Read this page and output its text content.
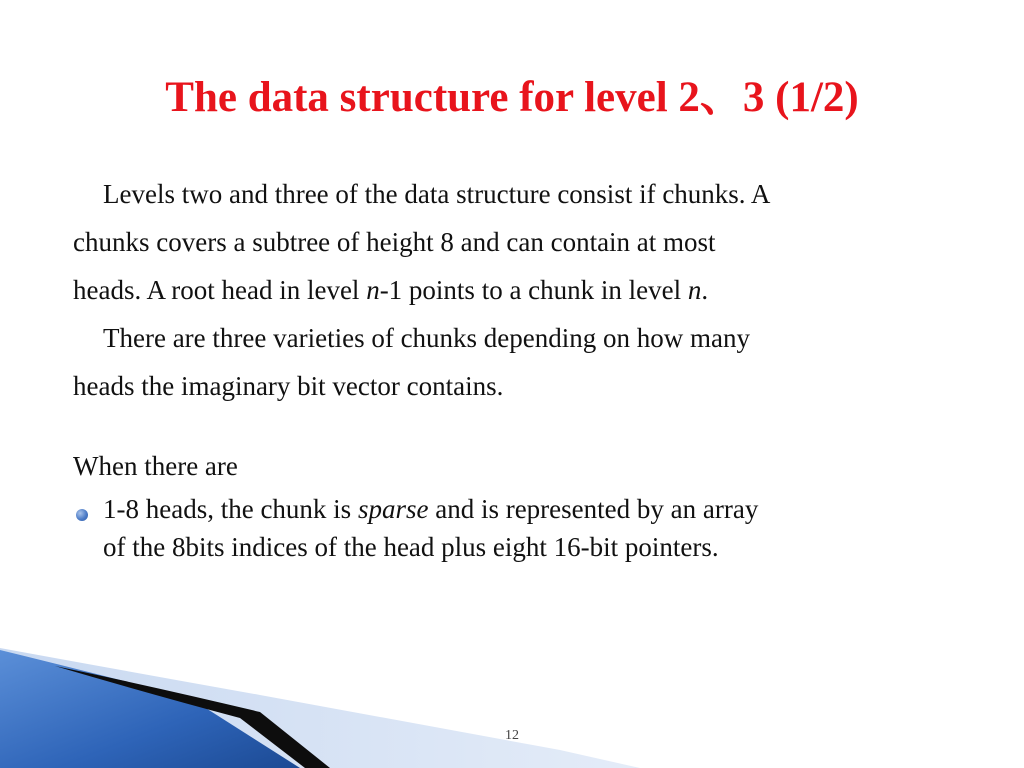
The data structure for level 2、3 (1/2)
Levels two and three of the data structure consist if chunks. A
chunks covers a subtree of height 8 and can contain at most
heads. A root head in level n-1 points to a chunk in level n.
There are three varieties of chunks depending on how many
heads the imaginary bit vector contains.
When there are
1-8 heads, the chunk is sparse and is represented by an array
of the 8bits indices of the head plus eight 16-bit pointers.
12
